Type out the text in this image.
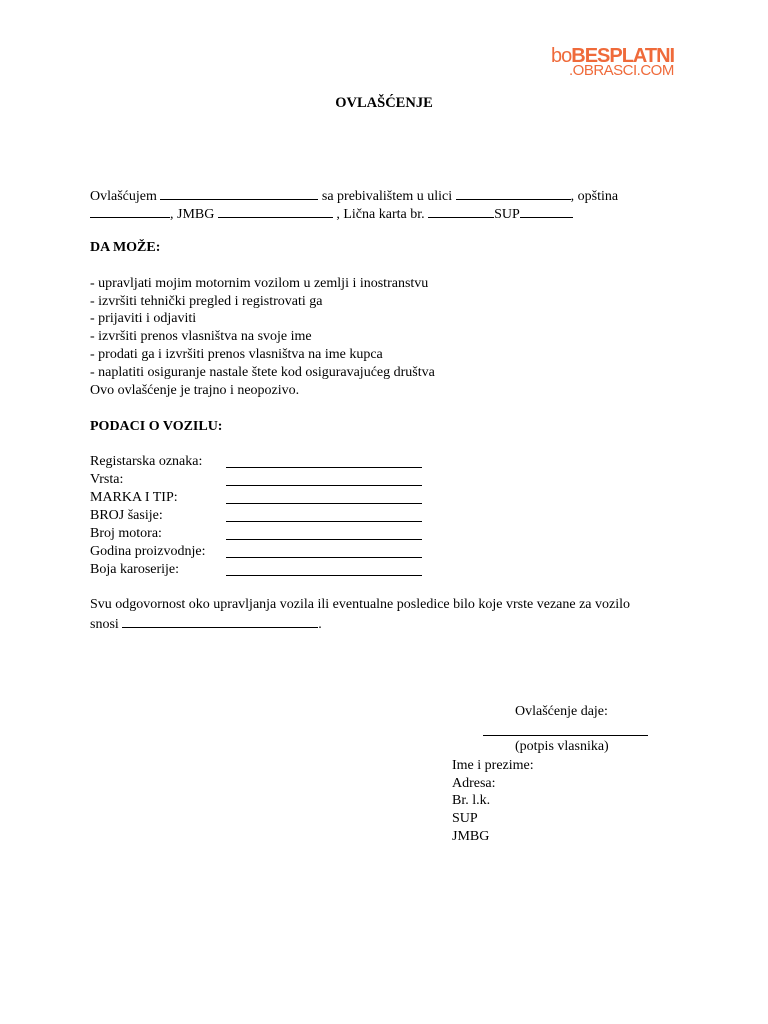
boBESPLATNI
.OBRASCI.COM
OVLAŠĆENJE
Ovlašćujem	sa prebivalištem u ulici	, opština
, JMBG	, Lična karta br.	SUP
DA MOŽE:
- upravljati mojim motornim vozilom u zemlji i inostranstvu
- izvršiti tehnički pregled i registrovati ga
- prijaviti i odjaviti
- izvršiti prenos vlasništva na svoje ime
- prodati ga i izvršiti prenos vlasništva na ime kupca
- naplatiti osiguranje nastale štete kod osiguravajućeg društva
Ovo ovlašćenje je trajno i neopozivo.
PODACI O VOZILU:
Registarska oznaka:
Vrsta:
MARKA I TIP:
BROJ šasije:
Broj motora:
Godina proizvodnje:
Boja karoserije:
Svu odgovornost oko upravljanja vozila ili eventualne posledice bilo koje vrste vezane za vozilo
snosi	.
Ovlašćenje daje:
(potpis vlasnika)
Ime i prezime:
Adresa:
Br. l.k.
SUP
JMBG
